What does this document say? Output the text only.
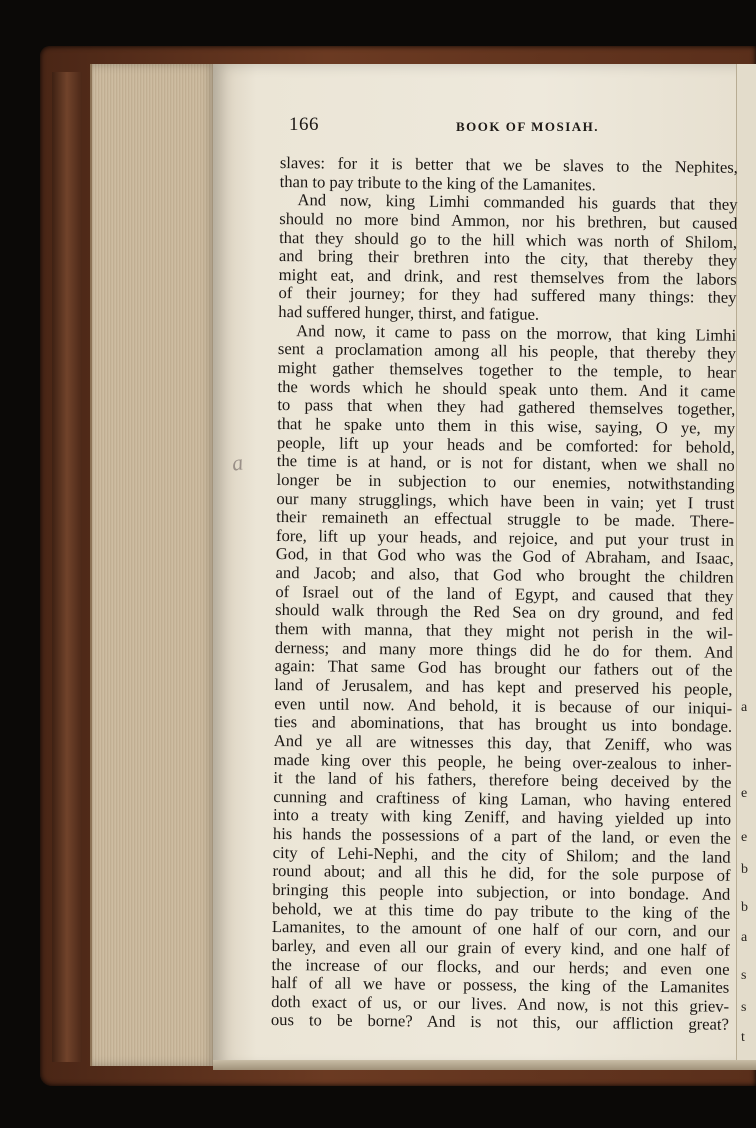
a
e
e
b
b
a
s
s
t
166	BOOK OF MOSIAH.
a
slaves: for it is better that we be slaves to the Nephites,
than to pay tribute to the king of the Lamanites.
And now, king Limhi commanded his guards that they
should no more bind Ammon, nor his brethren, but caused
that they should go to the hill which was north of Shilom,
and bring their brethren into the city, that thereby they
might eat, and drink, and rest themselves from the labors
of their journey; for they had suffered many things: they
had suffered hunger, thirst, and fatigue.
And now, it came to pass on the morrow, that king Limhi
sent a proclamation among all his people, that thereby they
might gather themselves together to the temple, to hear
the words which he should speak unto them. And it came
to pass that when they had gathered themselves together,
that he spake unto them in this wise, saying, O ye, my
people, lift up your heads and be comforted: for behold,
the time is at hand, or is not for distant, when we shall no
longer be in subjection to our enemies, notwithstanding
our many strugglings, which have been in vain; yet I trust
their remaineth an effectual struggle to be made. There-
fore, lift up your heads, and rejoice, and put your trust in
God, in that God who was the God of Abraham, and Isaac,
and Jacob; and also, that God who brought the children
of Israel out of the land of Egypt, and caused that they
should walk through the Red Sea on dry ground, and fed
them with manna, that they might not perish in the wil-
derness; and many more things did he do for them. And
again: That same God has brought our fathers out of the
land of Jerusalem, and has kept and preserved his people,
even until now. And behold, it is because of our iniqui-
ties and abominations, that has brought us into bondage.
And ye all are witnesses this day, that Zeniff, who was
made king over this people, he being over-zealous to inher-
it the land of his fathers, therefore being deceived by the
cunning and craftiness of king Laman, who having entered
into a treaty with king Zeniff, and having yielded up into
his hands the possessions of a part of the land, or even the
city of Lehi-Nephi, and the city of Shilom; and the land
round about; and all this he did, for the sole purpose of
bringing this people into subjection, or into bondage. And
behold, we at this time do pay tribute to the king of the
Lamanites, to the amount of one half of our corn, and our
barley, and even all our grain of every kind, and one half of
the increase of our flocks, and our herds; and even one
half of all we have or possess, the king of the Lamanites
doth exact of us, or our lives. And now, is not this griev-
ous to be borne? And is not this, our affliction great?
